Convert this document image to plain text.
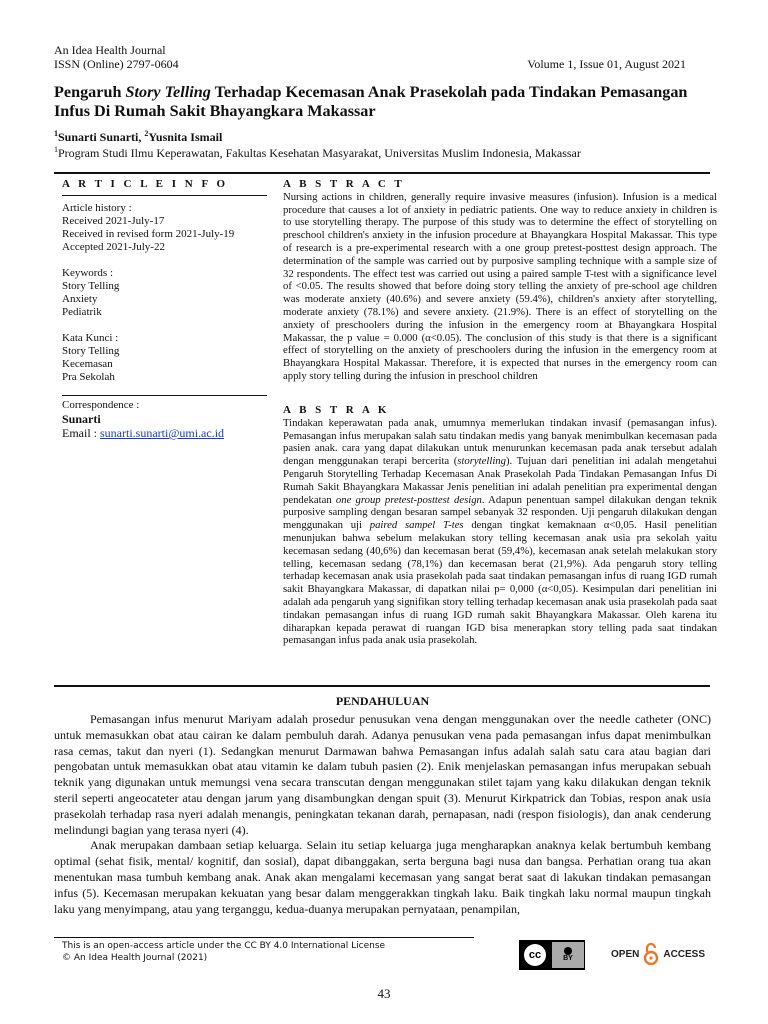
An Idea Health Journal
ISSN (Online) 2797-0604	Volume 1, Issue 01, August 2021
Pengaruh Story Telling Terhadap Kecemasan Anak Prasekolah pada Tindakan Pemasangan Infus Di Rumah Sakit Bhayangkara Makassar
$^1$Sunarti Sunarti, $^2$Yusnita Ismail
$^1$Program Studi Ilmu Keperawatan, Fakultas Kesehatan Masyarakat, Universitas Muslim Indonesia, Makassar
A R T I C L E I N F O
Article history :
Received 2021-July-17
Received in revised form 2021-July-19
Accepted 2021-July-22
Keywords :
Story Telling
Anxiety
Pediatrik
Kata Kunci :
Story Telling
Kecemasan
Pra Sekolah
Correspondence :
Sunarti
Email : sunarti.sunarti@umi.ac.id
A B S T R A C T

Nursing actions in children, generally require invasive measures (infusion). Infusion is a medical procedure that causes a lot of anxiety in pediatric patients. One way to reduce anxiety in children is to use storytelling therapy. The purpose of this study was to determine the effect of storytelling on preschool children's anxiety in the infusion procedure at Bhayangkara Hospital Makassar. This type of research is a pre-experimental research with a one group pretest-posttest design approach. The determination of the sample was carried out by purposive sampling technique with a sample size of 32 respondents. The effect test was carried out using a paired sample T-test with a significance level of <0.05. The results showed that before doing story telling the anxiety of pre-school age children was moderate anxiety (40.6%) and severe anxiety (59.4%), children's anxiety after storytelling, moderate anxiety (78.1%) and severe anxiety. (21.9%). There is an effect of storytelling on the anxiety of preschoolers during the infusion in the emergency room at Bhayangkara Hospital Makassar, the p value = 0.000 (α<0.05). The conclusion of this study is that there is a significant effect of storytelling on the anxiety of preschoolers during the infusion in the emergency room at Bhayangkara Hospital Makassar. Therefore, it is expected that nurses in the emergency room can apply story telling during the infusion in preschool children

A B S T R A K

Tindakan keperawatan pada anak, umumnya memerlukan tindakan invasif (pemasangan infus). Pemasangan infus merupakan salah satu tindakan medis yang banyak menimbulkan kecemasan pada pasien anak. cara yang dapat dilakukan untuk menurunkan kecemasan pada anak tersebut adalah dengan menggunakan terapi bercerita (storytelling). Tujuan dari penelitian ini adalah mengetahui Pengaruh Storytelling Terhadap Kecemasan Anak Prasekolah Pada Tindakan Pemasangan Infus Di Rumah Sakit Bhayangkara Makassar Jenis penelitian ini adalah penelitian pra experimental dengan pendekatan one group pretest-posttest design. Adapun penentuan sampel dilakukan dengan teknik purposive sampling dengan besaran sampel sebanyak 32 responden. Uji pengaruh dilakukan dengan menggunakan uji paired sampel T-tes dengan tingkat kemaknaan α<0,05. Hasil penelitian menunjukan bahwa sebelum melakukan story telling kecemasan anak usia pra sekolah yaitu kecemasan sedang (40,6%) dan kecemasan berat (59,4%), kecemasan anak setelah melakukan story telling, kecemasan sedang (78,1%) dan kecemasan berat (21,9%). Ada pengaruh story telling terhadap kecemasan anak usia prasekolah pada saat tindakan pemasangan infus di ruang IGD rumah sakit Bhayangkara Makassar, di dapatkan nilai p= 0,000 (α<0,05). Kesimpulan dari penelitian ini adalah ada pengaruh yang signifikan story telling terhadap kecemasan anak usia prasekolah pada saat tindakan pemasangan infus di ruang IGD rumah sakit Bhayangkara Makassar. Oleh karena itu diharapkan kepada perawat di ruangan IGD bisa menerapkan story telling pada saat tindakan pemasangan infus pada anak usia prasekolah.

PENDAHULUAN

Pemasangan infus menurut Mariyam adalah prosedur penusukan vena dengan menggunakan over the needle catheter (ONC) untuk memasukkan obat atau cairan ke dalam pembuluh darah. Adanya penusukan vena pada pemasangan infus dapat menimbulkan rasa cemas, takut dan nyeri (1). Sedangkan menurut Darmawan bahwa Pemasangan infus adalah salah satu cara atau bagian dari pengobatan untuk memasukkan obat atau vitamin ke dalam tubuh pasien (2). Enik menjelaskan pemasangan infus merupakan sebuah teknik yang digunakan untuk memungsi vena secara transcutan dengan menggunakan stilet tajam yang kaku dilakukan dengan teknik steril seperti angeocateter atau dengan jarum yang disambungkan dengan spuit (3). Menurut Kirkpatrick dan Tobias, respon anak usia prasekolah terhadap rasa nyeri adalah menangis, peningkatan tekanan darah, pernapasan, nadi (respon fisiologis), dan anak cenderung melindungi bagian yang terasa nyeri (4).

Anak merupakan dambaan setiap keluarga. Selain itu setiap keluarga juga mengharapkan anaknya kelak bertumbuh kembang optimal (sehat fisik, mental/ kognitif, dan sosial), dapat dibanggakan, serta berguna bagi nusa dan bangsa. Perhatian orang tua akan menentukan masa tumbuh kembang anak. Anak akan mengalami kecemasan yang sangat berat saat di lakukan tindakan pemasangan infus (5). Kecemasan merupakan kekuatan yang besar dalam menggerakkan tingkah laku. Baik tingkah laku normal maupun tingkah laku yang menyimpang, atau yang terganggu, kedua-duanya merupakan pernyataan, penampilan,

This is an open-access article under the CC BY 4.0 International License
© An Idea Health Journal (2021)	cc	BY	OPEN ACCESS
43
